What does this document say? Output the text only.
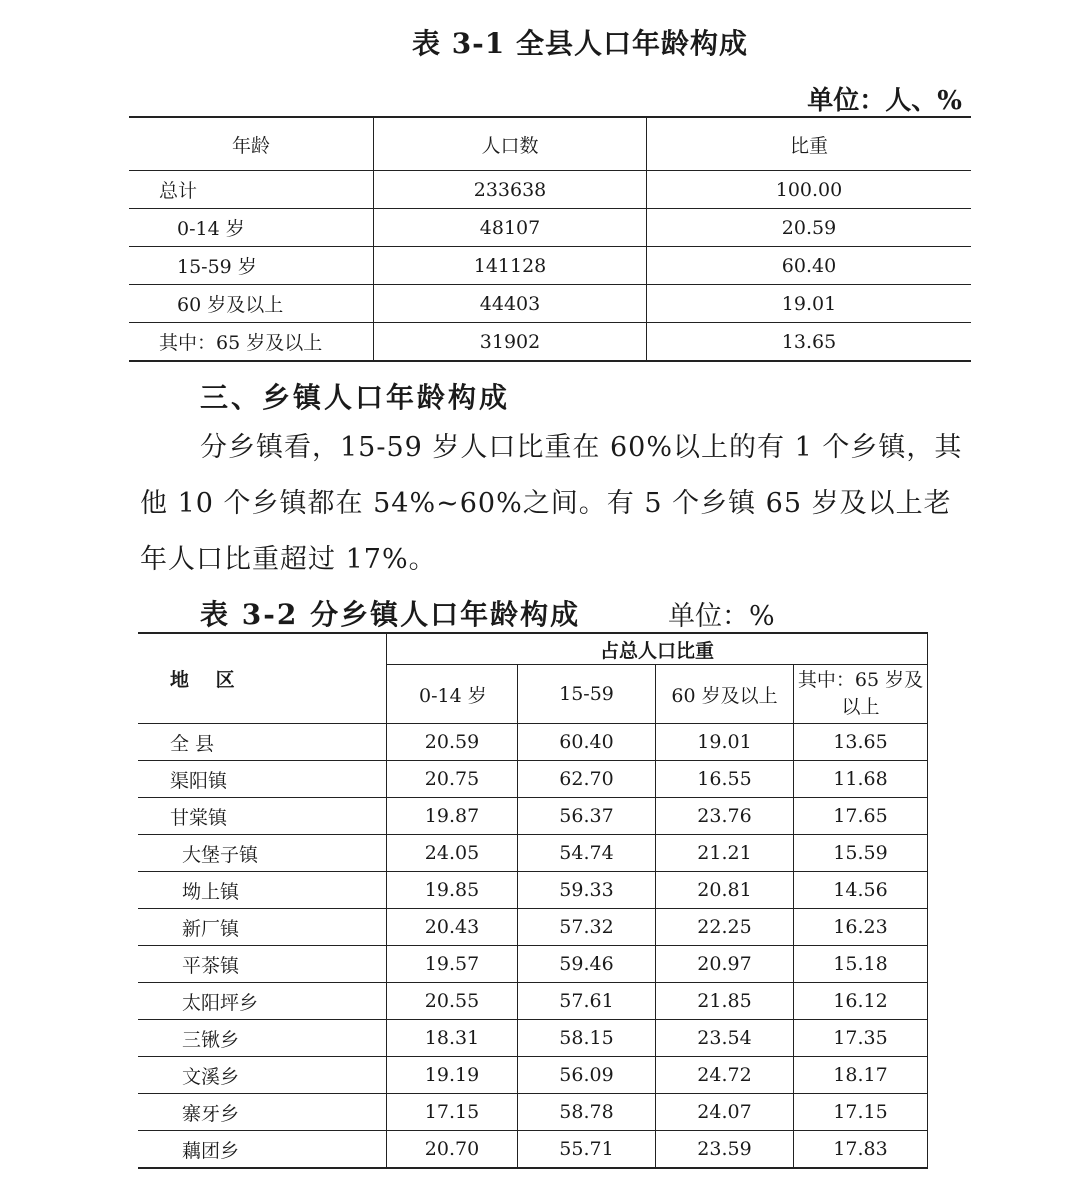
表 3-1 全县人口年龄构成
单位：人、%
年龄	人口数	比重
总计	233638	100.00
0-14 岁	48107	20.59
15-59 岁	141128	60.40
60 岁及以上	44403	19.01
其中：65 岁及以上	31902	13.65
三、乡镇人口年龄构成
分乡镇看，15-59 岁人口比重在 60%以上的有 1 个乡镇，其他 10 个乡镇都在 54%~60%之间。有 5 个乡镇 65 岁及以上老年人口比重超过 17%。
表 3-2 分乡镇人口年龄构成	单位：%
地 区	占总人口比重			
	0-14 岁	15-59	60 岁及以上	其中：65 岁及以上

全 县	20.59	60.40	19.01	13.65
渠阳镇	20.75	62.70	16.55	11.68
甘棠镇	19.87	56.37	23.76	17.65
大堡子镇	24.05	54.74	21.21	15.59
坳上镇	19.85	59.33	20.81	14.56
新厂镇	20.43	57.32	22.25	16.23
平茶镇	19.57	59.46	20.97	15.18
太阳坪乡	20.55	57.61	21.85	16.12
三锹乡	18.31	58.15	23.54	17.35
文溪乡	19.19	56.09	24.72	18.17
寨牙乡	17.15	58.78	24.07	17.15
藕团乡	20.70	55.71	23.59	17.83
